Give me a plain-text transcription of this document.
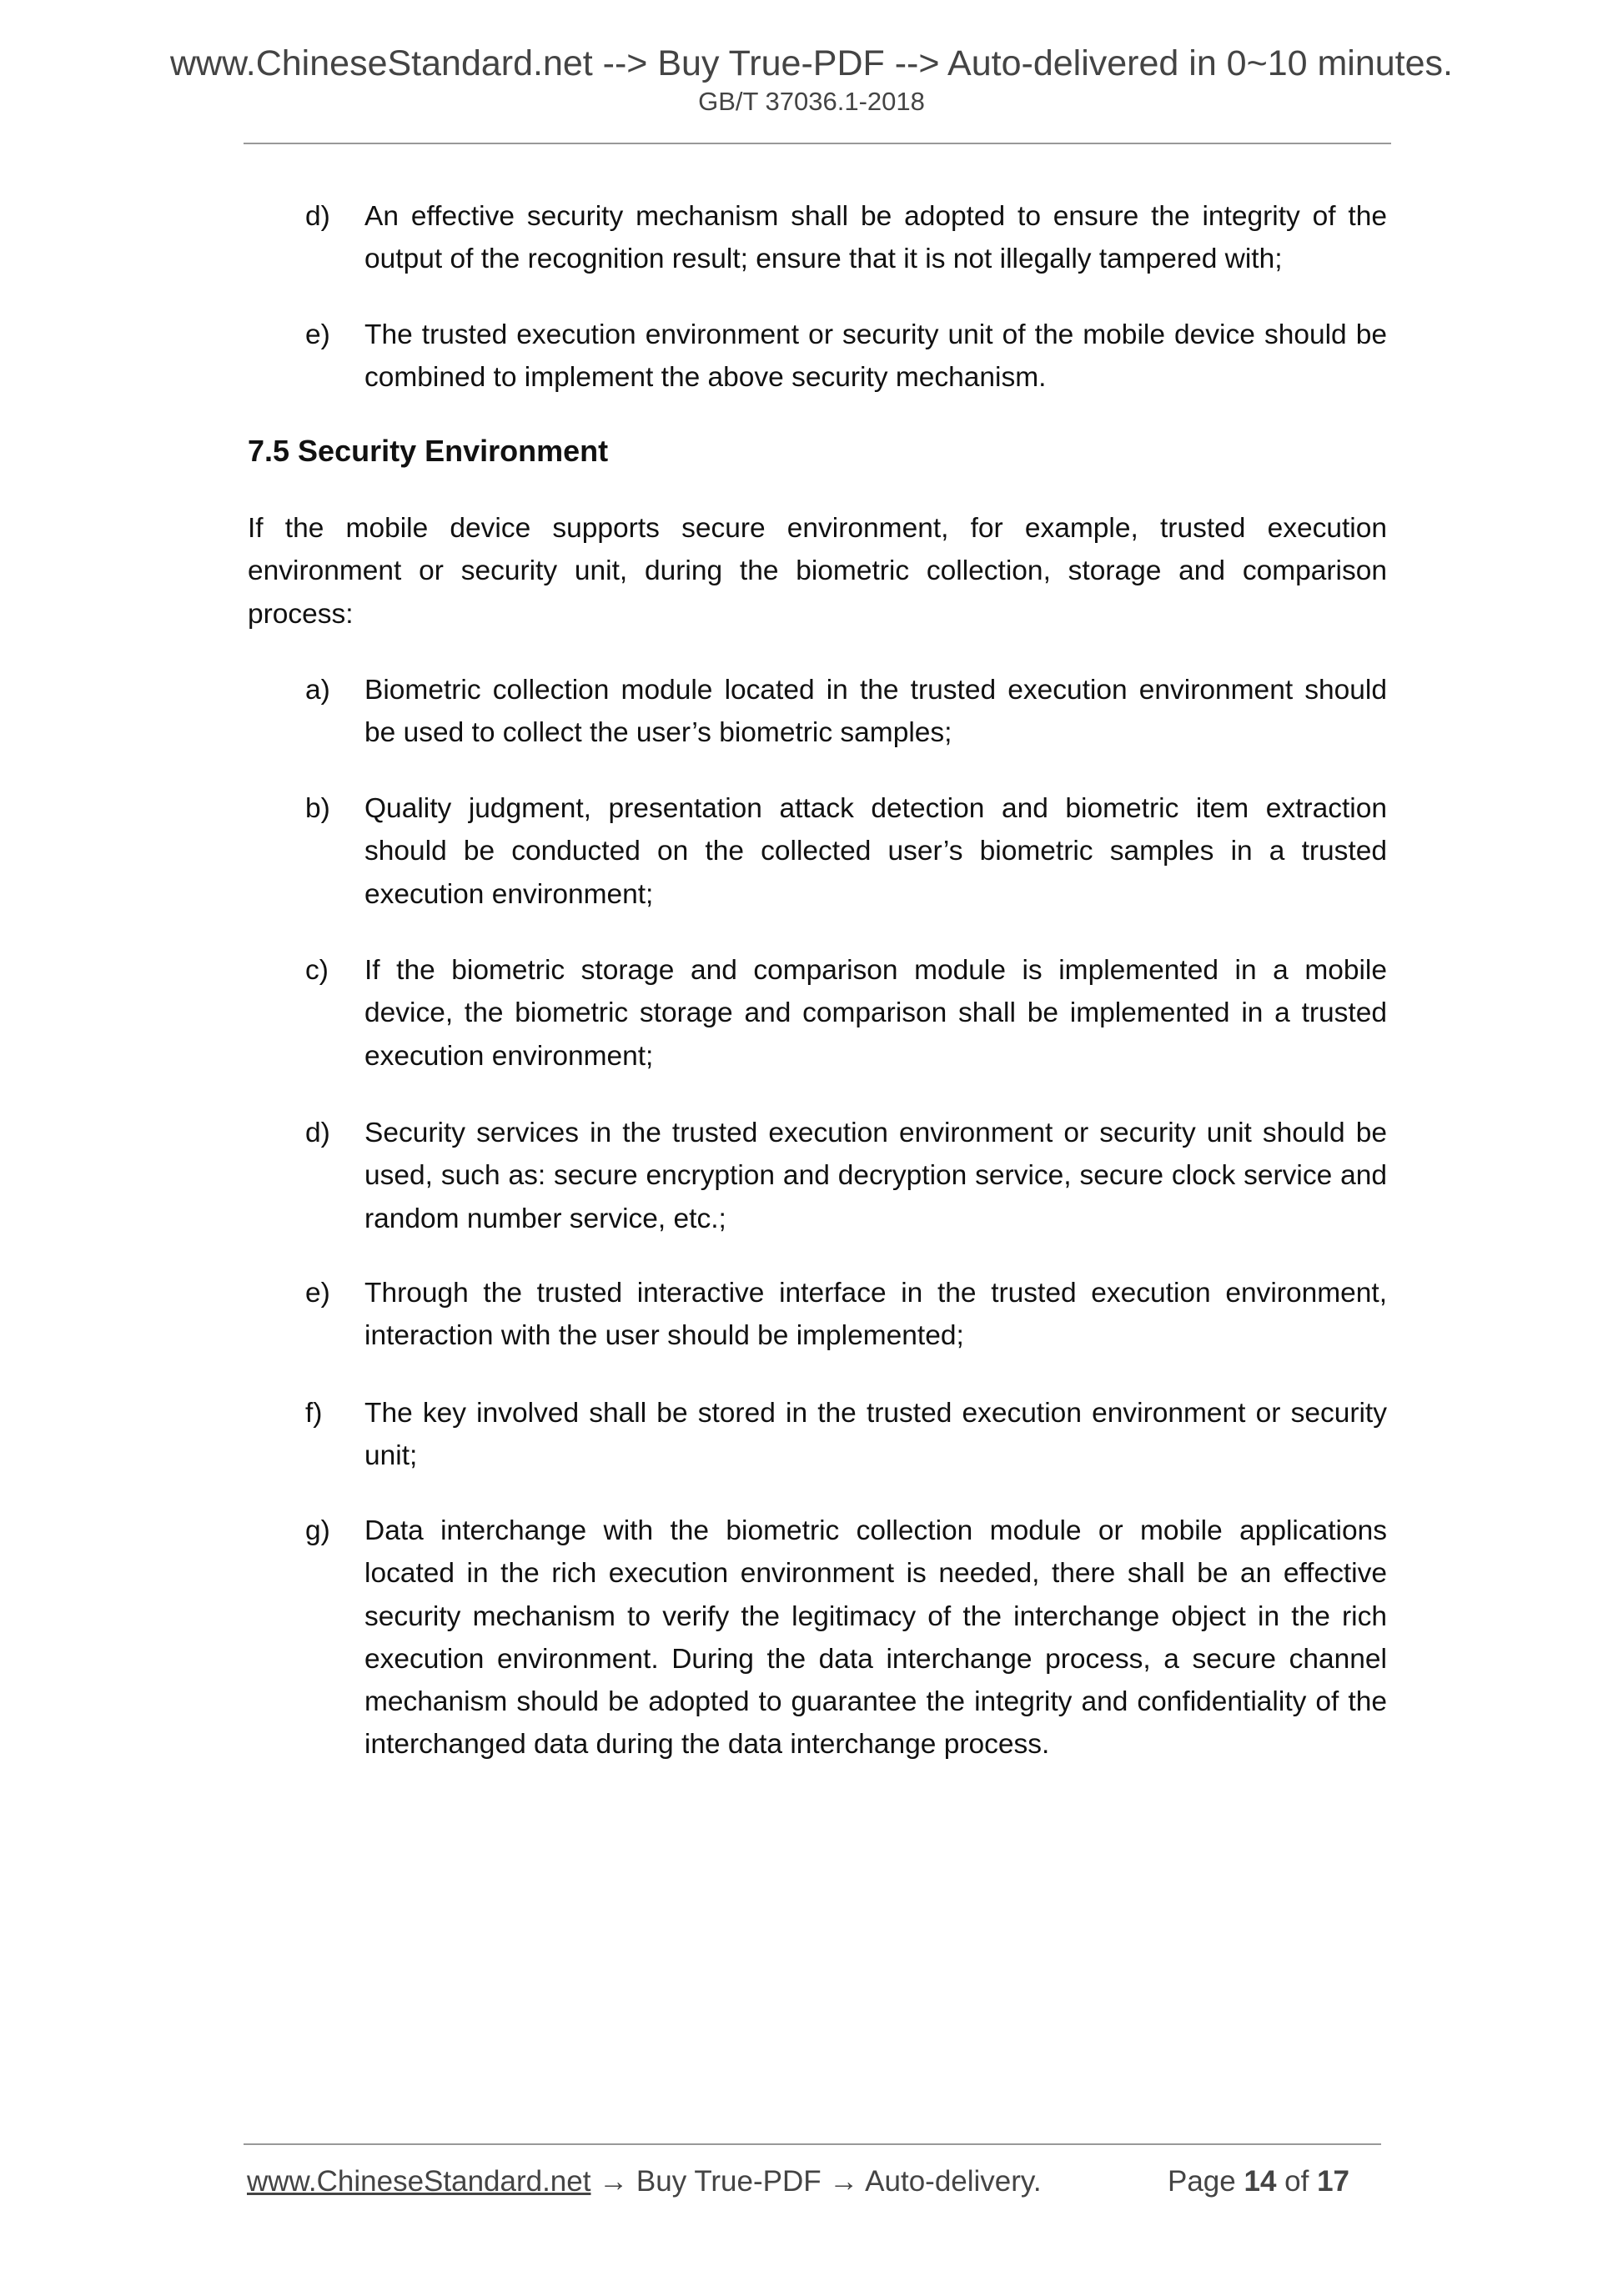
www.ChineseStandard.net --> Buy True-PDF --> Auto-delivered in 0~10 minutes.
GB/T 37036.1-2018
d) An effective security mechanism shall be adopted to ensure the integrity of the output of the recognition result; ensure that it is not illegally tampered with;
e) The trusted execution environment or security unit of the mobile device should be combined to implement the above security mechanism.
7.5 Security Environment
If the mobile device supports secure environment, for example, trusted execution environment or security unit, during the biometric collection, storage and comparison process:
a) Biometric collection module located in the trusted execution environment should be used to collect the user’s biometric samples;
b) Quality judgment, presentation attack detection and biometric item extraction should be conducted on the collected user’s biometric samples in a trusted execution environment;
c) If the biometric storage and comparison module is implemented in a mobile device, the biometric storage and comparison shall be implemented in a trusted execution environment;
d) Security services in the trusted execution environment or security unit should be used, such as: secure encryption and decryption service, secure clock service and random number service, etc.;
e) Through the trusted interactive interface in the trusted execution environment, interaction with the user should be implemented;
f) The key involved shall be stored in the trusted execution environment or security unit;
g) Data interchange with the biometric collection module or mobile applications located in the rich execution environment is needed, there shall be an effective security mechanism to verify the legitimacy of the interchange object in the rich execution environment. During the data interchange process, a secure channel mechanism should be adopted to guarantee the integrity and confidentiality of the interchanged data during the data interchange process.
www.ChineseStandard.net → Buy True-PDF → Auto-delivery.	Page 14 of 17
